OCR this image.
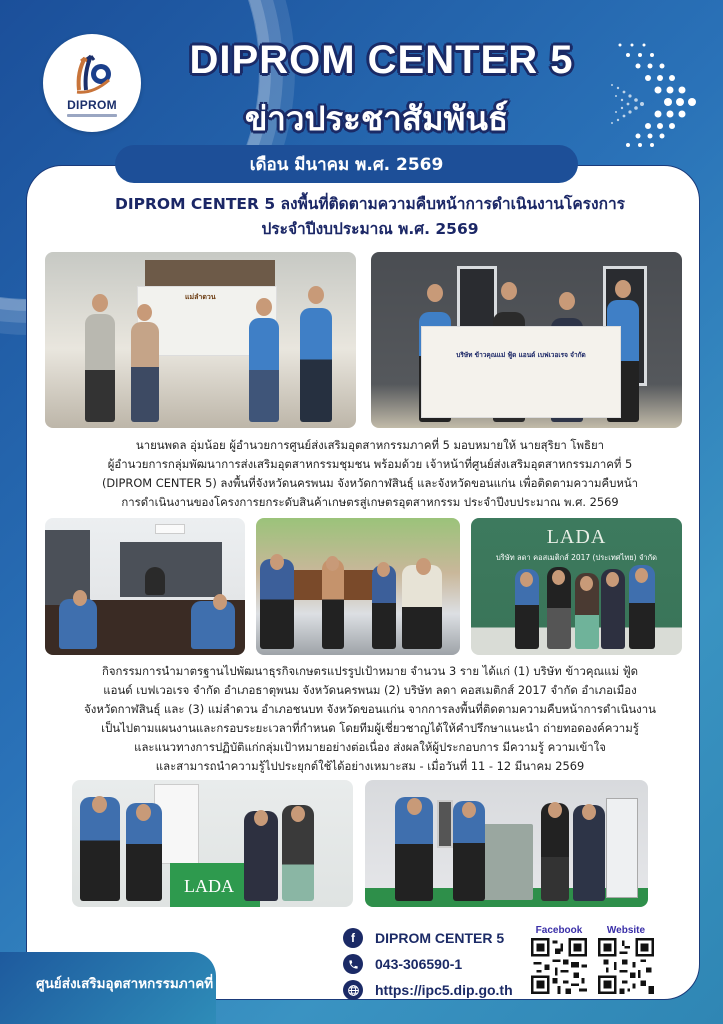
DIPROM
DIPROM CENTER 5
ข่าวประชาสัมพันธ์
เดือน มีนาคม พ.ศ. 2569
DIPROM CENTER 5 ลงพื้นที่ติดตามความคืบหน้าการดำเนินงานโครงการ
ประจำปีงบประมาณ พ.ศ. 2569
แม่ลำดวน
บริษัท ข้าวคุณแม่ ฟู้ด แอนด์ เบฟเวอเรจ จำกัด
นายนพดล อุ่มน้อย ผู้อำนวยการศูนย์ส่งเสริมอุตสาหกรรมภาคที่ 5 มอบหมายให้ นายสุริยา โพธิยา
ผู้อำนวยการกลุ่มพัฒนาการส่งเสริมอุตสาหกรรมชุมชน พร้อมด้วย เจ้าหน้าที่ศูนย์ส่งเสริมอุตสาหกรรมภาคที่ 5
(DIPROM CENTER 5) ลงพื้นที่จังหวัดนครพนม จังหวัดกาฬสินธุ์ และจังหวัดขอนแก่น เพื่อติดตามความคืบหน้า
การดำเนินงานของโครงการยกระดับสินค้าเกษตรสู่เกษตรอุตสาหกรรม ประจำปีงบประมาณ พ.ศ. 2569
LADA
บริษัท ลดา คอสเมติกส์ 2017 (ประเทศไทย) จำกัด
กิจกรรมการนำมาตรฐานไปพัฒนาธุรกิจเกษตรแปรรูปเป้าหมาย จำนวน 3 ราย ได้แก่ (1) บริษัท ข้าวคุณแม่ ฟู้ด
แอนด์ เบฟเวอเรจ จำกัด อำเภอธาตุพนม จังหวัดนครพนม (2) บริษัท ลดา คอสเมติกส์ 2017 จำกัด อำเภอเมือง
จังหวัดกาฬสินธุ์ และ (3) แม่ลำดวน อำเภอชนบท จังหวัดขอนแก่น จากการลงพื้นที่ติดตามความคืบหน้าการดำเนินงาน
เป็นไปตามแผนงานและกรอบระยะเวลาที่กำหนด โดยทีมผู้เชี่ยวชาญได้ให้คำปรึกษาแนะนำ ถ่ายทอดองค์ความรู้
และแนวทางการปฏิบัติแก่กลุ่มเป้าหมายอย่างต่อเนื่อง ส่งผลให้ผู้ประกอบการ มีความรู้ ความเข้าใจ
และสามารถนำความรู้ไปประยุกต์ใช้ได้อย่างเหมาะสม - เมื่อวันที่ 11 - 12 มีนาคม 2569
LADA
ศูนย์ส่งเสริมอุตสาหกรรมภาคที่ 5
f	DIPROM CENTER 5
043-306590-1
https://ipc5.dip.go.th
Facebook	Website
